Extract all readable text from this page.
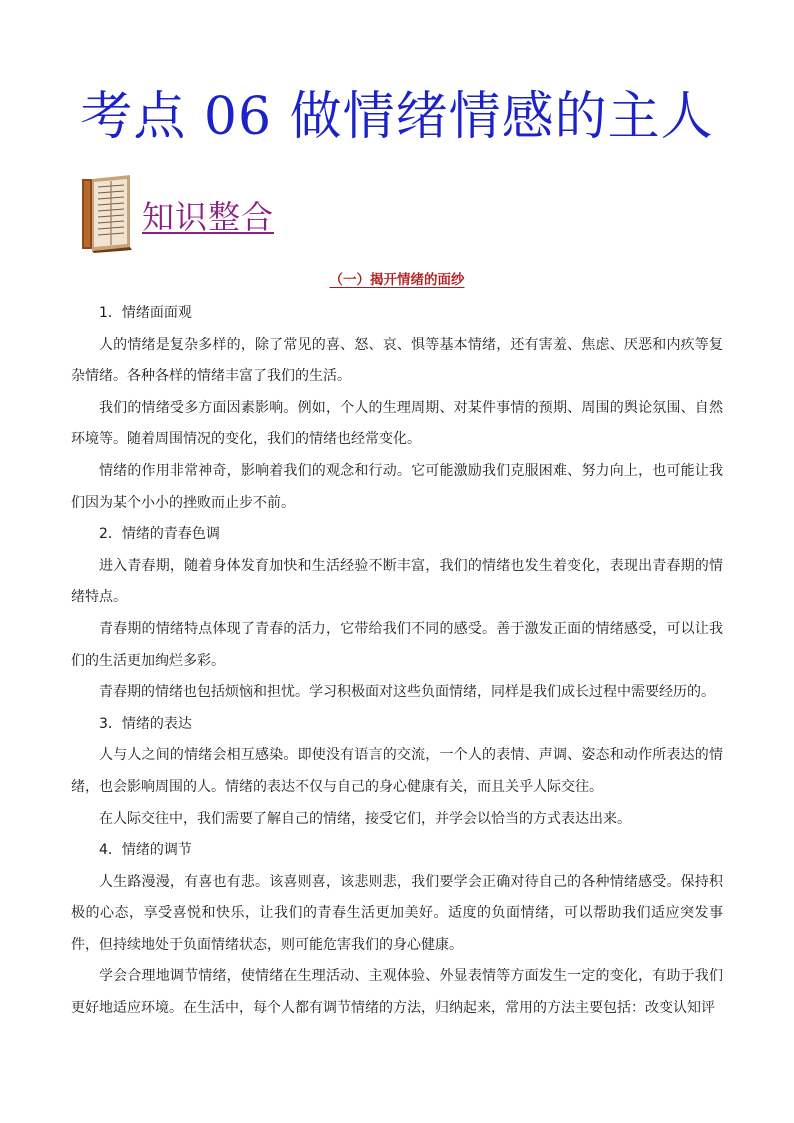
考点 06 做情绪情感的主人
知识整合
（一）揭开情绪的面纱

1．情绪面面观

人的情绪是复杂多样的，除了常见的喜、怒、哀、惧等基本情绪，还有害羞、焦虑、厌恶和内疚等复杂情绪。各种各样的情绪丰富了我们的生活。

我们的情绪受多方面因素影响。例如，个人的生理周期、对某件事情的预期、周围的舆论氛围、自然环境等。随着周围情况的变化，我们的情绪也经常变化。

情绪的作用非常神奇，影响着我们的观念和行动。它可能激励我们克服困难、努力向上，也可能让我们因为某个小小的挫败而止步不前。

2．情绪的青春色调

进入青春期，随着身体发育加快和生活经验不断丰富，我们的情绪也发生着变化，表现出青春期的情绪特点。

青春期的情绪特点体现了青春的活力，它带给我们不同的感受。善于激发正面的情绪感受，可以让我们的生活更加绚烂多彩。

青春期的情绪也包括烦恼和担忧。学习积极面对这些负面情绪，同样是我们成长过程中需要经历的。

3．情绪的表达

人与人之间的情绪会相互感染。即使没有语言的交流，一个人的表情、声调、姿态和动作所表达的情绪，也会影响周围的人。情绪的表达不仅与自己的身心健康有关，而且关乎人际交往。

在人际交往中，我们需要了解自己的情绪，接受它们，并学会以恰当的方式表达出来。

4．情绪的调节

人生路漫漫，有喜也有悲。该喜则喜，该悲则悲，我们要学会正确对待自己的各种情绪感受。保持积极的心态，享受喜悦和快乐，让我们的青春生活更加美好。适度的负面情绪，可以帮助我们适应突发事件，但持续地处于负面情绪状态，则可能危害我们的身心健康。

学会合理地调节情绪，使情绪在生理活动、主观体验、外显表情等方面发生一定的变化，有助于我们更好地适应环境。在生活中，每个人都有调节情绪的方法，归纳起来，常用的方法主要包括：改变认知评
